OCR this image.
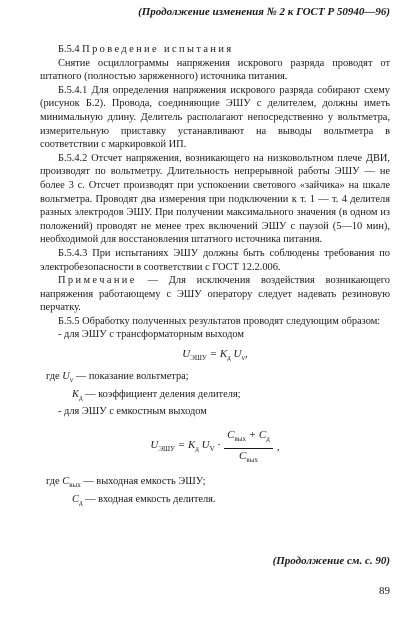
(Продолжение изменения № 2 к ГОСТ Р 50940—96)

Б.5.4 Проведение испытания

Снятие осциллограммы напряжения искрового разряда проводят от штатного (полностью заряженного) источника питания.

Б.5.4.1 Для определения напряжения искрового разряда собирают схему (рисунок Б.2). Провода, соединяющие ЭШУ с делителем, должны иметь минимальную длину. Делитель располагают непосредственно у вольтметра, измерительную приставку устанавливают на выводы вольтметра в соответствии с маркировкой ИП.

Б.5.4.2 Отсчет напряжения, возникающего на низковольтном плече ДВИ, производят по вольтметру. Длительность непрерывной работы ЭШУ — не более 3 с. Отсчет производят при успокоении светового «зайчика» на шкале вольтметра. Проводят два измерения при подключении к т. 1 — т. 4 делителя разных электродов ЭШУ. При получении максимального значения (в одном из положений) проводят не менее трех включений ЭШУ с паузой (5—10 мин), необходимой для восстановления штатного источника питания.

Б.5.4.3 При испытаниях ЭШУ должны быть соблюдены требования по электробезопасности в соответствии с ГОСТ 12.2.006.

Примечание — Для исключения воздействия возникающего напряжения работающему с ЭШУ оператору следует надевать резиновую перчатку.

Б.5.5 Обработку полученных результатов проводят следующим образом:

- для ЭШУ с трансформаторным выходом

$U_{ЭШУ} = K_д$ $U_v$,

где $U_v$ — показание вольтметра;

$K_д$ — коэффициент деления делителя;

- для ЭШУ с емкостным выходом

$U_{ЭШУ} = K_д$ $U_V \cdot \frac{C_{вых} + C_д}{C_{вых}}$ ,

где $C_{вых}$ — выходная емкость ЭШУ;

$C_д$ — входная емкость делителя.

(Продолжение см. с. 90)
89
